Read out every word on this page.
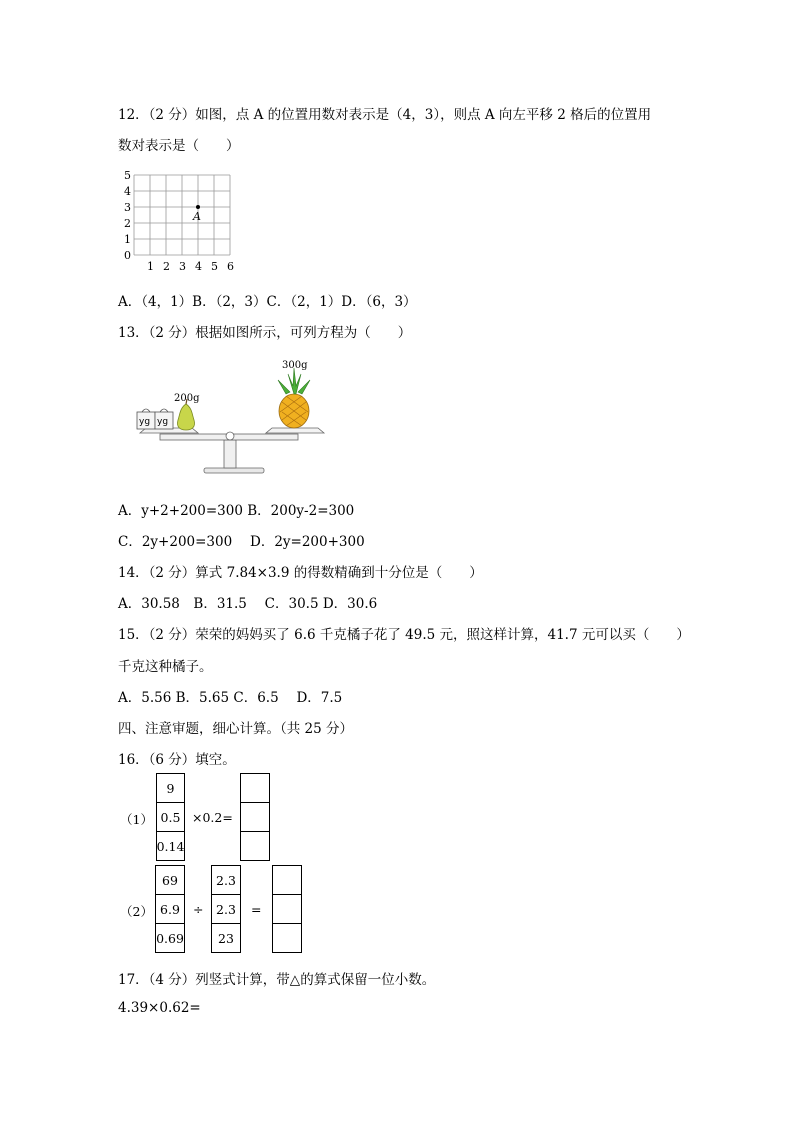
12．（2 分）如图，点 A 的位置用数对表示是（4，3），则点 A 向左平移 2 格后的位置用
数对表示是（　　）
5
4
3
2
1
0
1 2 3 4 5 6
A
A．（4，1）B．（2，3）C．（2，1）D．（6，3）
13．（2 分）根据如图所示，可列方程为（　　）
yg yg
200g
300g
A．y+2+200=300 B．200y-2=300
C．2y+200=300　 D．2y=200+300
14．（2 分）算式 7.84×3.9 的得数精确到十分位是（　　）
A．30.58　B．31.5　 C．30.5 D．30.6
15．（2 分）荣荣的妈妈买了 6.6 千克橘子花了 49.5 元，照这样计算，41.7 元可以买（　　）
千克这种橘子。
A．5.56 B．5.65 C．6.5　 D．7.5
四、注意审题，细心计算。（共 25 分）
16．（6 分）填空。
（1）
9
0.5
0.14
×0.2=
（2）
69
6.9
0.69
÷
2.3
2.3
23
=
17．（4 分）列竖式计算，带△的算式保留一位小数。
4.39×0.62=
